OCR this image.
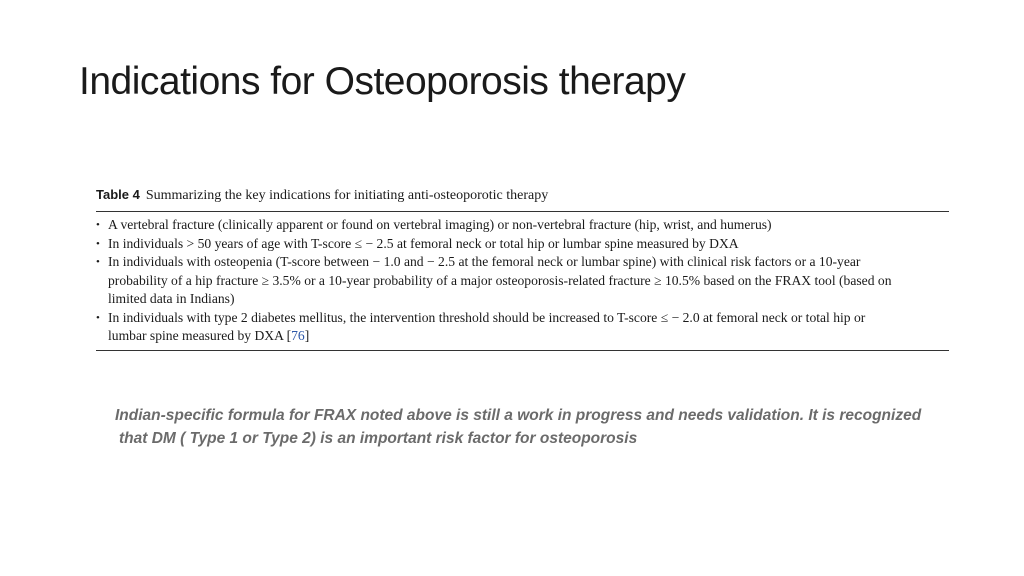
Indications for Osteoporosis therapy
Table 4 Summarizing the key indications for initiating anti-osteoporotic therapy
• A vertebral fracture (clinically apparent or found on vertebral imaging) or non-vertebral fracture (hip, wrist, and humerus)
• In individuals > 50 years of age with T-score ≤ − 2.5 at femoral neck or total hip or lumbar spine measured by DXA
• In individuals with osteopenia (T-score between − 1.0 and − 2.5 at the femoral neck or lumbar spine) with clinical risk factors or a 10-year
probability of a hip fracture ≥ 3.5% or a 10-year probability of a major osteoporosis-related fracture ≥ 10.5% based on the FRAX tool (based on
limited data in Indians)
• In individuals with type 2 diabetes mellitus, the intervention threshold should be increased to T-score ≤ − 2.0 at femoral neck or total hip or
lumbar spine measured by DXA [76]
Indian-specific formula for FRAX noted above is still a work in progress and needs validation. It is recognized
that DM ( Type 1 or Type 2) is an important risk factor for osteoporosis
